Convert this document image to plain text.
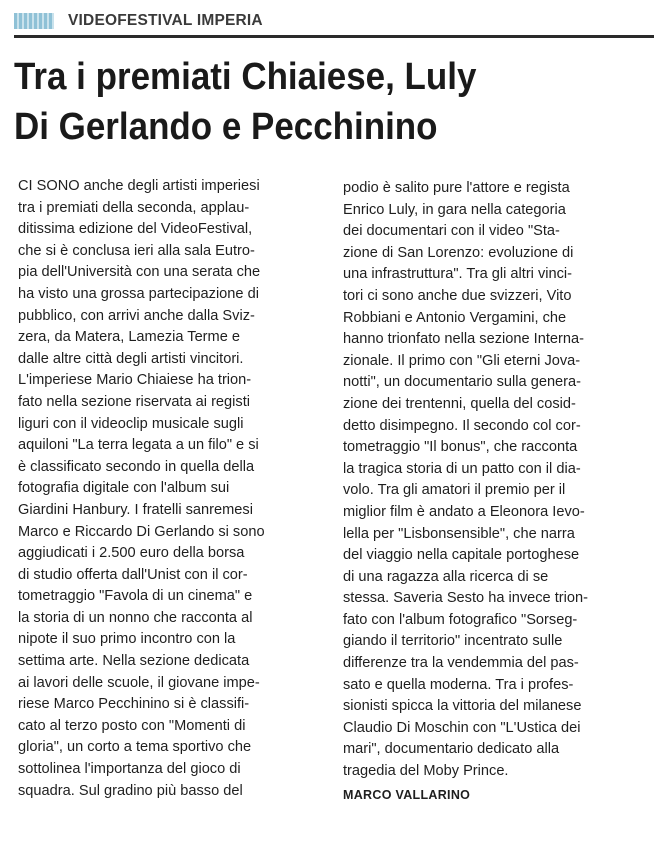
VIDEOFESTIVAL IMPERIA
Tra i premiati Chiaiese, Luly
Di Gerlando e Pecchinino
CI SONO anche degli artisti imperiesi
tra i premiati della seconda, applau-
ditissima edizione del VideoFestival,
che si è conclusa ieri alla sala Eutro-
pia dell'Università con una serata che
ha visto una grossa partecipazione di
pubblico, con arrivi anche dalla Sviz-
zera, da Matera, Lamezia Terme e
dalle altre città degli artisti vincitori.
L'imperiese Mario Chiaiese ha trion-
fato nella sezione riservata ai registi
liguri con il videoclip musicale sugli
aquiloni "La terra legata a un filo" e si
è classificato secondo in quella della
fotografia digitale con l'album sui
Giardini Hanbury. I fratelli sanremesi
Marco e Riccardo Di Gerlando si sono
aggiudicati i 2.500 euro della borsa
di studio offerta dall'Unist con il cor-
tometraggio "Favola di un cinema" e
la storia di un nonno che racconta al
nipote il suo primo incontro con la
settima arte. Nella sezione dedicata
ai lavori delle scuole, il giovane impe-
riese Marco Pecchinino si è classifi-
cato al terzo posto con "Momenti di
gloria", un corto a tema sportivo che
sottolinea l'importanza del gioco di
squadra. Sul gradino più basso del
podio è salito pure l'attore e regista
Enrico Luly, in gara nella categoria
dei documentari con il video "Sta-
zione di San Lorenzo: evoluzione di
una infrastruttura". Tra gli altri vinci-
tori ci sono anche due svizzeri, Vito
Robbiani e Antonio Vergamini, che
hanno trionfato nella sezione Interna-
zionale. Il primo con "Gli eterni Jova-
notti", un documentario sulla genera-
zione dei trentenni, quella del cosid-
detto disimpegno. Il secondo col cor-
tometraggio "Il bonus", che racconta
la tragica storia di un patto con il dia-
volo. Tra gli amatori il premio per il
miglior film è andato a Eleonora Ievo-
lella per "Lisbonsensible", che narra
del viaggio nella capitale portoghese
di una ragazza alla ricerca di se
stessa. Saveria Sesto ha invece trion-
fato con l'album fotografico "Sorseg-
giando il territorio" incentrato sulle
differenze tra la vendemmia del pas-
sato e quella moderna. Tra i profes-
sionisti spicca la vittoria del milanese
Claudio Di Moschin con "L'Ustica dei
mari", documentario dedicato alla
tragedia del Moby Prince.
MARCO VALLARINO
